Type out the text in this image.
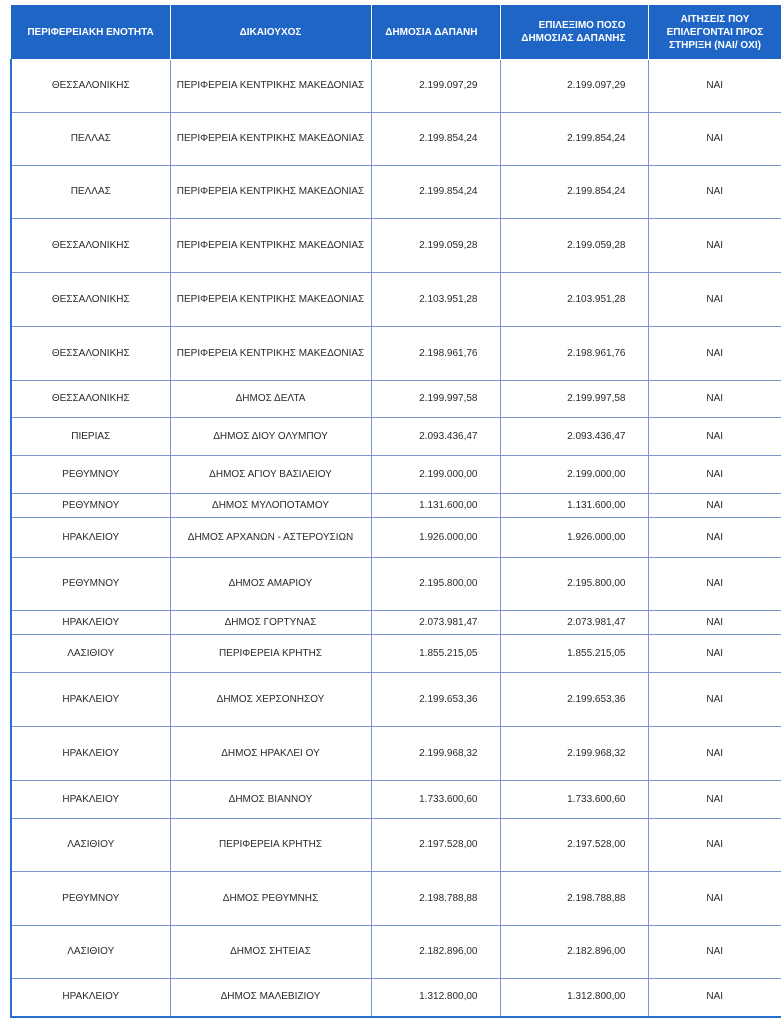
ΠΕΡΙΦΕΡΕΙΑΚΗ ΕΝΟΤΗΤΑ	ΔΙΚΑΙΟΥΧΟΣ	ΔΗΜΟΣΙΑ ΔΑΠΑΝΗ	ΕΠΙΛΕΞΙΜΟ ΠΟΣΟ ΔΗΜΟΣΙΑΣ ΔΑΠΑΝΗΣ	ΑΙΤΗΣΕΙΣ ΠΟΥ ΕΠΙΛΕΓΟΝΤΑΙ ΠΡΟΣ ΣΤΗΡΙΞΗ (ΝΑΙ/ ΟΧΙ)
ΘΕΣΣΑΛΟΝΙΚΗΣ	ΠΕΡΙΦΕΡΕΙΑ ΚΕΝΤΡΙΚΗΣ ΜΑΚΕΔΟΝΙΑΣ	2.199.097,29	2.199.097,29	ΝΑΙ
ΠΕΛΛΑΣ	ΠΕΡΙΦΕΡΕΙΑ ΚΕΝΤΡΙΚΗΣ ΜΑΚΕΔΟΝΙΑΣ	2.199.854,24	2.199.854,24	ΝΑΙ
ΠΕΛΛΑΣ	ΠΕΡΙΦΕΡΕΙΑ ΚΕΝΤΡΙΚΗΣ ΜΑΚΕΔΟΝΙΑΣ	2.199.854,24	2.199.854,24	ΝΑΙ
ΘΕΣΣΑΛΟΝΙΚΗΣ	ΠΕΡΙΦΕΡΕΙΑ ΚΕΝΤΡΙΚΗΣ ΜΑΚΕΔΟΝΙΑΣ	2.199.059,28	2.199.059,28	ΝΑΙ
ΘΕΣΣΑΛΟΝΙΚΗΣ	ΠΕΡΙΦΕΡΕΙΑ ΚΕΝΤΡΙΚΗΣ ΜΑΚΕΔΟΝΙΑΣ	2.103.951,28	2.103.951,28	ΝΑΙ
ΘΕΣΣΑΛΟΝΙΚΗΣ	ΠΕΡΙΦΕΡΕΙΑ ΚΕΝΤΡΙΚΗΣ ΜΑΚΕΔΟΝΙΑΣ	2.198.961,76	2.198.961,76	ΝΑΙ
ΘΕΣΣΑΛΟΝΙΚΗΣ	ΔΗΜΟΣ ΔΕΛΤΑ	2.199.997,58	2.199.997,58	ΝΑΙ
ΠΙΕΡΙΑΣ	ΔΗΜΟΣ ΔΙΟΥ ΟΛΥΜΠΟΥ	2.093.436,47	2.093.436,47	ΝΑΙ
ΡΕΘΥΜΝΟΥ	ΔΗΜΟΣ ΑΓΙΟΥ ΒΑΣΙΛΕΙΟΥ	2.199.000,00	2.199.000,00	ΝΑΙ
ΡΕΘΥΜΝΟΥ	ΔΗΜΟΣ ΜΥΛΟΠΟΤΑΜΟΥ	1.131.600,00	1.131.600,00	ΝΑΙ
ΗΡΑΚΛΕΙΟΥ	ΔΗΜΟΣ ΑΡΧΑΝΩΝ - ΑΣΤΕΡΟΥΣΙΩΝ	1.926.000,00	1.926.000,00	ΝΑΙ
ΡΕΘΥΜΝΟΥ	ΔΗΜΟΣ ΑΜΑΡΙΟΥ	2.195.800,00	2.195.800,00	ΝΑΙ
ΗΡΑΚΛΕΙΟΥ	ΔΗΜΟΣ ΓΟΡΤΥΝΑΣ	2.073.981,47	2.073.981,47	ΝΑΙ
ΛΑΣΙΘΙΟΥ	ΠΕΡΙΦΕΡΕΙΑ ΚΡΗΤΗΣ	1.855.215,05	1.855.215,05	ΝΑΙ
ΗΡΑΚΛΕΙΟΥ	ΔΗΜΟΣ ΧΕΡΣΟΝΗΣΟΥ	2.199.653,36	2.199.653,36	ΝΑΙ
ΗΡΑΚΛΕΙΟΥ	ΔΗΜΟΣ ΗΡΑΚΛΕΙ ΟΥ	2.199.968,32	2.199.968,32	ΝΑΙ
ΗΡΑΚΛΕΙΟΥ	ΔΗΜΟΣ ΒΙΑΝΝΟΥ	1.733.600,60	1.733.600,60	ΝΑΙ
ΛΑΣΙΘΙΟΥ	ΠΕΡΙΦΕΡΕΙΑ ΚΡΗΤΗΣ	2.197.528,00	2.197.528,00	ΝΑΙ
ΡΕΘΥΜΝΟΥ	ΔΗΜΟΣ ΡΕΘΥΜΝΗΣ	2.198.788,88	2.198.788,88	ΝΑΙ
ΛΑΣΙΘΙΟΥ	ΔΗΜΟΣ ΣΗΤΕΙΑΣ	2.182.896,00	2.182.896,00	ΝΑΙ
ΗΡΑΚΛΕΙΟΥ	ΔΗΜΟΣ ΜΑΛΕΒΙΖΙΟΥ	1.312.800,00	1.312.800,00	ΝΑΙ
